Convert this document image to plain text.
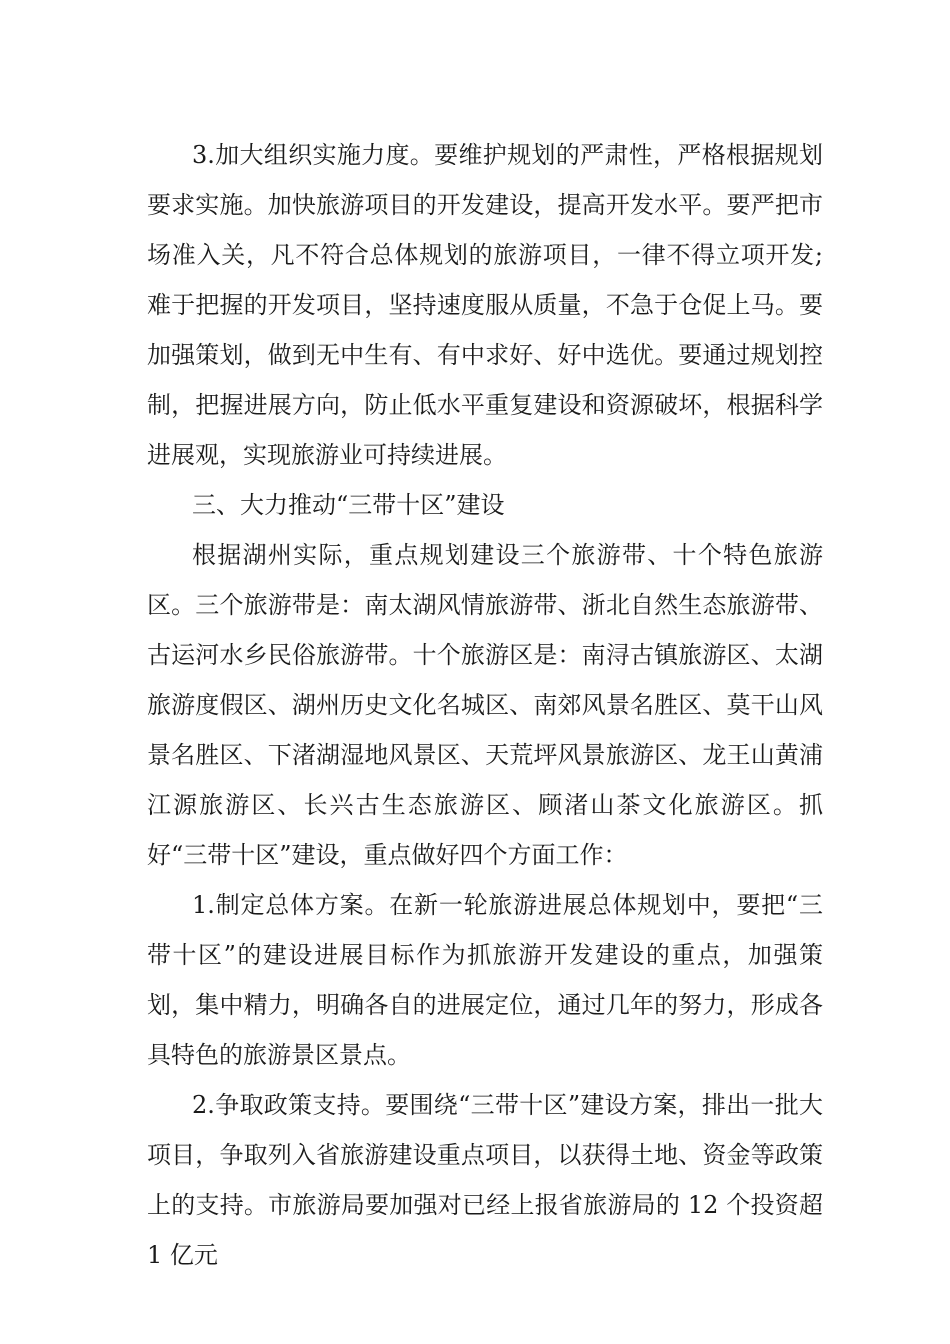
3.加大组织实施力度。要维护规划的严肃性，严格根据规划要求实施。加快旅游项目的开发建设，提高开发水平。要严把市场准入关，凡不符合总体规划的旅游项目，一律不得立项开发;难于把握的开发项目，坚持速度服从质量，不急于仓促上马。要加强策划，做到无中生有、有中求好、好中选优。要通过规划控制，把握进展方向，防止低水平重复建设和资源破坏，根据科学进展观，实现旅游业可持续进展。

三、大力推动“三带十区”建设

根据湖州实际，重点规划建设三个旅游带、十个特色旅游区。三个旅游带是：南太湖风情旅游带、浙北自然生态旅游带、古运河水乡民俗旅游带。十个旅游区是：南浔古镇旅游区、太湖旅游度假区、湖州历史文化名城区、南郊风景名胜区、莫干山风景名胜区、下渚湖湿地风景区、天荒坪风景旅游区、龙王山黄浦江源旅游区、长兴古生态旅游区、顾渚山茶文化旅游区。抓好“三带十区”建设，重点做好四个方面工作：

1.制定总体方案。在新一轮旅游进展总体规划中，要把“三带十区”的建设进展目标作为抓旅游开发建设的重点，加强策划，集中精力，明确各自的进展定位，通过几年的努力，形成各具特色的旅游景区景点。

2.争取政策支持。要围绕“三带十区”建设方案，排出一批大项目，争取列入省旅游建设重点项目，以获得土地、资金等政策上的支持。市旅游局要加强对已经上报省旅游局的 12 个投资超 1 亿元
